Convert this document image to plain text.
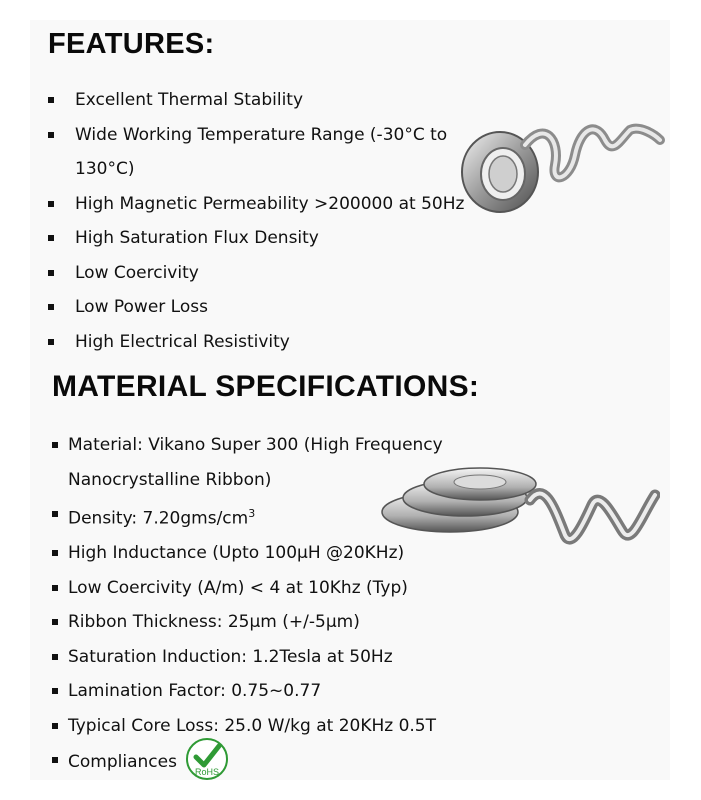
FEATURES:
Excellent Thermal Stability
Wide Working Temperature Range (-30°C to 130°C)
High Magnetic Permeability >200000 at 50Hz
High Saturation Flux Density
Low Coercivity
Low Power Loss
High Electrical Resistivity
MATERIAL SPECIFICATIONS:
Material: Vikano Super 300 (High Frequency Nanocrystalline Ribbon)
Density: $7.20gms/cm^3$
High Inductance (Upto 100µH @20KHz)
Low Coercivity (A/m) < 4 at 10Khz (Typ)
Ribbon Thickness: 25µm (+/-5µm)
Saturation Induction: 1.2Tesla at 50Hz
Lamination Factor: 0.75~0.77
Typical Core Loss: 25.0 W/kg at 20KHz 0.5T
Compliances RoHS
